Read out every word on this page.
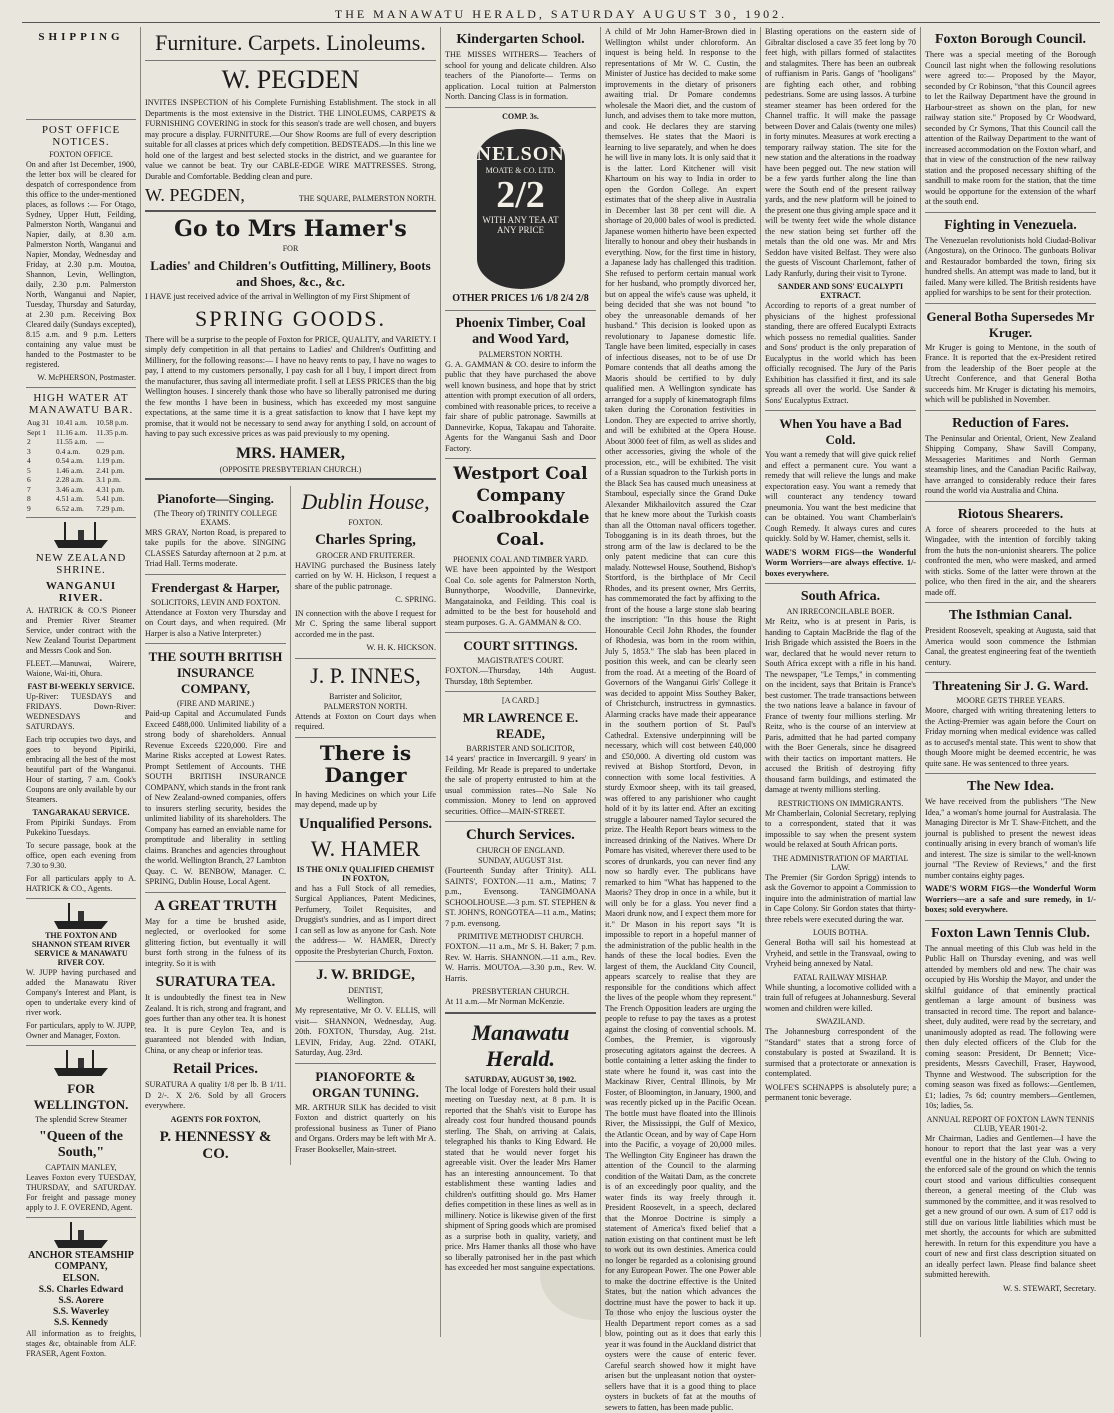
THE MANAWATU HERALD, SATURDAY AUGUST 30, 1902.
SHIPPING
POST OFFICE NOTICES.
FOXTON OFFICE.
On and after 1st December, 1900, the letter box will be cleared for despatch of correspondence from this office to the under-mentioned places, as follows :— For Otago, Sydney, Upper Hutt, Feilding, Palmerston North, Wanganui and Napier, daily, at 8.30 a.m. Palmerston North, Wanganui and Napier, Monday, Wednesday and Friday, at 2.30 p.m. Moutoa, Shannon, Levin, Wellington, daily, 2.30 p.m. Palmerston North, Wanganui and Napier, Tuesday, Thursday and Saturday, at 2.30 p.m. Receiving Box Cleared daily (Sundays excepted), 8.15 a.m. and 9 p.m. Letters containing any value must be handed to the Postmaster to be registered.
W. McPHERSON, Postmaster.
HIGH WATER AT MANAWATU BAR.
Aug 31	10.41 a.m.	10.58 p.m.
Sept 1	11.16 a.m.	11.35 p.m.
2	11.55 a.m.	—
3	0.4 a.m.	0.29 p.m.
4	0.54 a.m.	1.19 p.m.
5	1.46 a.m.	2.41 p.m.
6	2.28 a.m.	3.1 p.m.
7	3.46 a.m.	4.31 p.m.
8	4.51 a.m.	5.41 p.m.
9	6.52 a.m.	7.29 p.m.
NEW ZEALAND SHRINE.
WANGANUI RIVER.
A. HATRICK & CO.'S Pioneer and Premier River Steamer Service, under contract with the New Zealand Tourist Department and Messrs Cook and Son.
FLEET.—Manuwai, Wairere, Waione, Wai-iti, Ohura.
FAST BI-WEEKLY SERVICE.
Up-River: TUESDAYS and FRIDAYS. Down-River: WEDNESDAYS and SATURDAYS.
Each trip occupies two days, and goes to beyond Pipiriki, embracing all the best of the most beautiful part of the Wanganui. Hour of starting, 7 a.m. Cook's Coupons are only available by our Steamers.
TANGARAKAU SERVICE.
From Pipiriki Sundays. From Pukekino Tuesdays.
To secure passage, book at the office, open each evening from 7.30 to 9.30.
For all particulars apply to A. HATRICK & CO., Agents.
THE FOXTON AND SHANNON STEAM RIVER SERVICE & MANAWATU RIVER COY.
W. JUPP having purchased and added the Manawatu River Company's Interest and Plant, is open to undertake every kind of river work.
For particulars, apply to W. JUPP, Owner and Manager, Foxton.
FOR WELLINGTON.
The splendid Screw Steamer
"Queen of the South,"
CAPTAIN MANLEY,
Leaves Foxton every TUESDAY, THURSDAY, and SATURDAY. For freight and passage money apply to J. F. OVEREND, Agent.
ANCHOR STEAMSHIP COMPANY,
ELSON.
S.S. Charles Edward
S.S. Aorere
S.S. Waverley
S.S. Kennedy
All information as to freights, stages &c, obtainable from ALF. FRASER, Agent Foxton.
Furniture. Carpets. Linoleums.
W. PEGDEN
INVITES INSPECTION of his Complete Furnishing Establishment. The stock in all Departments is the most extensive in the District. THE LINOLEUMS, CARPETS & FURNISHING COVERING in stock for this season's trade are well chosen, and buyers may procure a display. FURNITURE.—Our Show Rooms are full of every description suitable for all classes at prices which defy competition. BEDSTEADS.—In this line we hold one of the largest and best selected stocks in the district, and we guarantee for value we cannot be beat. Try our CABLE-EDGE WIRE MATTRESSES. Strong, Durable and Comfortable. Bedding clean and pure.
W. PEGDEN,	THE SQUARE, PALMERSTON NORTH.
Go to Mrs Hamer's
FOR
Ladies' and Children's Outfitting, Millinery, Boots and Shoes, &c., &c.
I HAVE just received advice of the arrival in Wellington of my First Shipment of
SPRING GOODS.
There will be a surprise to the people of Foxton for PRICE, QUALITY, and VARIETY. I simply defy competition in all that pertains to Ladies' and Children's Outfitting and Millinery, for the following reasons:— I have no heavy rents to pay, I have no wages to pay, I attend to my customers personally, I pay cash for all I buy, I import direct from the manufacturer, thus saving all intermediate profit. I sell at LESS PRICES than the big Wellington houses. I sincerely thank those who have so liberally patronised me during the few months I have been in business, which has exceeded my most sanguine expectations, at the same time it is a great satisfaction to know that I have kept my promise, that it would not be necessary to send away for anything I sold, on account of having to pay such excessive prices as was paid previously to my opening.
MRS. HAMER,
(OPPOSITE PRESBYTERIAN CHURCH.)
Pianoforte—Singing.
(The Theory of) TRINITY COLLEGE EXAMS.
MRS GRAY, Norton Road, is prepared to take pupils for the above. SINGING CLASSES Saturday afternoon at 2 p.m. at Triad Hall. Terms moderate.
Frendergast & Harper,
SOLICITORS, LEVIN AND FOXTON.
Attendance at Foxton very Thursday and on Court days, and when required. (Mr Harper is also a Native Interpreter.)
THE SOUTH BRITISH INSURANCE COMPANY,
(FIRE AND MARINE.)
Paid-up Capital and Accumulated Funds Exceed £488,000. Unlimited liability of a strong body of shareholders. Annual Revenue Exceeds £220,000. Fire and Marine Risks accepted at Lowest Rates. Prompt Settlement of Accounts. THE SOUTH BRITISH INSURANCE COMPANY, which stands in the front rank of New Zealand-owned companies, offers to insurers sterling security, besides the unlimited liability of its shareholders. The Company has earned an enviable name for promptitude and liberality in settling claims. Branches and agencies throughout the world. Wellington Branch, 27 Lambton Quay. C. W. BENBOW, Manager. C. SPRING, Dublin House, Local Agent.
A GREAT TRUTH
May for a time be brushed aside, neglected, or overlooked for some glittering fiction, but eventually it will burst forth strong in the fulness of its integrity. So it is with
SURATURA TEA.
It is undoubtedly the finest tea in New Zealand. It is rich, strong and fragrant, and goes further than any other tea. It is honest tea. It is pure Ceylon Tea, and is guaranteed not blended with Indian, China, or any cheap or inferior teas.
Retail Prices.
SURATURA A quality 1/8 per lb. B 1/11. D 2/-. X 2/6. Sold by all Grocers everywhere.
AGENTS FOR FOXTON,
P. HENNESSY & CO.
Dublin House,
FOXTON.
Charles Spring,
GROCER AND FRUITERER.
HAVING purchased the Business lately carried on by W. H. Hickson, I request a share of the public patronage.
C. SPRING.
IN connection with the above I request for Mr C. Spring the same liberal support accorded me in the past.
W. H. K. HICKSON.
J. P. INNES,
Barrister and Solicitor,
PALMERSTON NORTH.
Attends at Foxton on Court days when required.
There is Danger
In having Medicines on which your Life may depend, made up by
Unqualified Persons.
W. HAMER
IS THE ONLY QUALIFIED CHEMIST IN FOXTON,
and has a Full Stock of all remedies, Surgical Appliances, Patent Medicines, Perfumery, Toilet Requisites, and Druggist's sundries, and as I import direct I can sell as low as anyone for Cash. Note the address— W. HAMER, Direct'y opposite the Presbyterian Church, Foxton.
J. W. BRIDGE,
DENTIST,
Wellington.
My representative, Mr O. V. ELLIS, will visit— SHANNON, Wednesday, Aug. 20th. FOXTON, Thursday, Aug. 21st. LEVIN, Friday, Aug. 22nd. OTAKI, Saturday, Aug. 23rd.
PIANOFORTE & ORGAN TUNING.
MR. ARTHUR SILK has decided to visit Foxton and district quarterly on his professional business as Tuner of Piano and Organs. Orders may be left with Mr A. Fraser Bookseller, Main-street.
Kindergarten School.
THE MISSES WITHERS— Teachers of school for young and delicate children. Also teachers of the Pianoforte— Terms on application. Local tuition at Palmerston North. Dancing Class is in formation.
COMP. 3s.
NELSON
MOATE & CO. LTD.
2/2
WITH ANY TEA AT ANY PRICE
OTHER PRICES 1/6 1/8 2/4 2/8
Phoenix Timber, Coal and Wood Yard,
PALMERSTON NORTH.
G. A. GAMMAN & CO. desire to inform the public that they have purchased the above well known business, and hope that by strict attention with prompt execution of all orders, combined with reasonable prices, to receive a fair share of public patronage. Sawmills at Dannevirke, Kopua, Takapau and Tahoraite. Agents for the Wanganui Sash and Door Factory.
Westport Coal Company Coalbrookdale Coal.
PHOENIX COAL AND TIMBER YARD.
WE have been appointed by the Westport Coal Co. sole agents for Palmerston North, Bunnythorpe, Woodville, Dannevirke, Mangatainoka, and Feilding. This coal is admitted to be the best for household and steam purposes. G. A. GAMMAN & CO.
COURT SITTINGS.
MAGISTRATE'S COURT.
FOXTON.—Thursday, 14th August. Thursday, 18th September.
[A CARD.]
MR LAWRENCE E. READE,
BARRISTER AND SOLICITOR,
14 years' practice in Invercargill. 9 years' in Feilding. Mr Reade is prepared to undertake the sale of property entrusted to him at the usual commission rates—No Sale No commission. Money to lend on approved securities. Office—MAIN-STREET.
Church Services.
CHURCH OF ENGLAND.
SUNDAY, AUGUST 31st.
(Fourteenth Sunday after Trinity). ALL SAINTS', FOXTON.—11 a.m., Matins; 7 p.m., Evensong. TANGIMOANA SCHOOLHOUSE.—3 p.m. ST. STEPHEN & ST. JOHN'S, RONGOTEA—11 a.m., Matins; 7 p.m. evensong.
PRIMITIVE METHODIST CHURCH.
FOXTON.—11 a.m., Mr S. H. Baker; 7 p.m. Rev. W. Harris. SHANNON.—11 a.m., Rev. W. Harris. MOUTOA.—3.30 p.m., Rev. W. Harris.
PRESBYTERIAN CHURCH.
At 11 a.m.—Mr Norman McKenzie.
Manawatu Herald.
SATURDAY, AUGUST 30, 1902.
The local lodge of Foresters hold their usual meeting on Tuesday next, at 8 p.m. It is reported that the Shah's visit to Europe has already cost four hundred thousand pounds sterling. The Shah, on arriving at Calais, telegraphed his thanks to King Edward. He stated that he would never forget his agreeable visit. Over the leader Mrs Hamer has an interesting announcement. To that establishment these wanting ladies and children's outfitting should go. Mrs Hamer defies competition in these lines as well as in millinery. Notice is likewise given of the first shipment of Spring goods which are promised as a surprise both in quality, variety, and price. Mrs Hamer thanks all those who have so liberally patronised her in the past which has exceeded her most sanguine expectations.
A child of Mr John Hamer-Brown died in Wellington whilst under chloroform. An inquest is being held. In response to the representations of Mr W. C. Custin, the Minister of Justice has decided to make some improvements in the dietary of prisoners awaiting trial. Dr Pomare condemns wholesale the Maori diet, and the custom of lunch, and advises them to take more mutton, and cook. He declares they are starving themselves. He states that the Maori is learning to live separately, and when he does he will live in many lots. It is only said that it is the latter. Lord Kitchener will visit Khartoum on his way to India in order to open the Gordon College. An expert estimates that of the sheep alive in Australia in December last 38 per cent will die. A shortage of 20,000 bales of wool is predicted. Japanese women hitherto have been expected literally to honour and obey their husbands in everything. Now, for the first time in history, a Japanese lady has challenged this tradition. She refused to perform certain manual work for her husband, who promptly divorced her, but on appeal the wife's cause was upheld, it being decided that she was not bound "to obey the unreasonable demands of her husband." This decision is looked upon as revolutionary to Japanese domestic life. Tangle have been limited, especially in cases of infectious diseases, not to be of use Dr Pomare contends that all deaths among the Maoris should be certified to by duly qualified men. A Wellington syndicate has arranged for a supply of kinematograph films taken during the Coronation festivities in London. They are expected to arrive shortly, and will be exhibited at the Opera House. About 3000 feet of film, as well as slides and other accessories, giving the whole of the procession, etc., will be exhibited. The visit of a Russian squadron to the Turkish ports in the Black Sea has caused much uneasiness at Stamboul, especially since the Grand Duke Alexander Mikhailovitch assured the Czar that he knew more about the Turkish coasts than all the Ottoman naval officers together. Tobogganing is in its death throes, but the strong arm of the law is declared to be the only patent medicine that can cure this malady. Nottewsel House, Southend, Bishop's Stortford, is the birthplace of Mr Cecil Rhodes, and its present owner, Mrs Gerrits, has commemorated the fact by affixing to the front of the house a large stone slab bearing the inscription: "In this house the Right Honourable Cecil John Rhodes, the founder of Rhodesia, was born in the room within, July 5, 1853." The slab has been placed in position this week, and can be clearly seen from the road. At a meeting of the Board of Governors of the Wanganui Girls' College it was decided to appoint Miss Southey Baker, of Christchurch, instructress in gymnastics. Alarming cracks have made their appearance in the southern portion of St. Paul's Cathedral. Extensive underpinning will be necessary, which will cost between £40,000 and £50,000. A diverting old custom was revived at Bishop Stortford, Devon, in connection with some local festivities. A sturdy Exmoor sheep, with its tail greased, was offered to any parishioner who caught hold of it by its latter end. After an exciting struggle a labourer named Taylor secured the prize. The Health Report bears witness to the increased drinking of the Natives. Where Dr Pomare has visited, wherever there used to be scores of drunkards, you can never find any now so hardly ever. The publicans have remarked to him "What has happened to the Maoris? They drop in once in a while, but it will only be for a glass. You never find a Maori drunk now, and I expect them more for it." Dr Mason in his report says "It is impossible to report in a hopeful manner of the administration of the public health in the hands of these the local bodies. Even the largest of them, the Auckland City Council, appears scarcely to realise that they are responsible for the conditions which affect the lives of the people whom they represent." The French Opposition leaders are urging the people to refuse to pay the taxes as a protest against the closing of convential schools. M. Combes, the Premier, is vigorously prosecuting agitators against the decrees. A bottle containing a letter asking the finder to state where he found it, was cast into the Mackinaw River, Central Illinois, by Mr Foster, of Bloomington, in January, 1900, and was recently picked up in the Pacific Ocean. The bottle must have floated into the Illinois River, the Mississippi, the Gulf of Mexico, the Atlantic Ocean, and by way of Cape Horn into the Pacific, a voyage of 20,000 miles. The Wellington City Engineer has drawn the attention of the Council to the alarming condition of the Waitati Dam, as the concrete is of an exceedingly poor quality, and the water finds its way freely through it. President Roosevelt, in a speech, declared that the Monroe Doctrine is simply a statement of America's fixed belief that a nation existing on that continent must be left to work out its own destinies. America could no longer be regarded as a colonising ground for any European Power. The one Power able to make the doctrine effective is the United States, but the nation which advances the doctrine must have the power to back it up. To those who enjoy the luscious oyster the Health Department report comes as a sad blow, pointing out as it does that early this year it was found in the Auckland district that oysters were the cause of enteric fever. Careful search showed how it might have arisen but the unpleasant notion that oyster-sellers have that it is a good thing to place oysters in buckets of fat at the mouths of sewers to fatten, has been made public.
Blasting operations on the eastern side of Gibraltar disclosed a cave 35 feet long by 70 feet high, with pillars formed of stalactites and stalagmites. There has been an outbreak of ruffianism in Paris. Gangs of "hooligans" are fighting each other, and robbing pedestrians. Some are using lassos. A turbine steamer steamer has been ordered for the Channel traffic. It will make the passage between Dover and Calais (twenty one miles) in forty minutes. Measures at work erecting a temporary railway station. The site for the new station and the alterations in the roadway have been pegged out. The new station will be a few yards further along the line than were the South end of the present railway yards, and the new platform will be joined to the present one thus giving ample space and it will be twenty feet wide the whole distance the new station being set further off the metals than the old one was. Mr and Mrs Seddon have visited Belfast. They were also the guests of Viscount Charlemont, father of Lady Ranfurly, during their visit to Tyrone.
SANDER AND SONS' EUCALYPTI EXTRACT.
According to reports of a great number of physicians of the highest professional standing, there are offered Eucalypti Extracts which possess no remedial qualities. Sander and Sons' product is the only preparation of Eucalyptus in the world which has been officially recognised. The Jury of the Paris Exhibition has classified it first, and its sale spreads all over the world. Use Sander & Sons' Eucalyptus Extract.
When You have a Bad Cold.
You want a remedy that will give quick relief and effect a permanent cure. You want a remedy that will relieve the lungs and make expectoration easy. You want a remedy that will counteract any tendency toward pneumonia. You want the best medicine that can be obtained. You want Chamberlain's Cough Remedy. It always cures and cures quickly. Sold by W. Hamer, chemist, sells it.
WADE'S WORM FIGS—the Wonderful Worm Worriers—are always effective. 1/- boxes everywhere.
South Africa.
AN IRRECONCILABLE BOER.
Mr Reitz, who is at present in Paris, is handing to Captain MacBride the flag of the Irish Brigade which assisted the Boers in the war, declared that he would never return to South Africa except with a rifle in his hand. The newspaper, "Le Temps," in commenting on the incident, says that Britain is France's best customer. The trade transactions between the two nations leave a balance in favour of France of twenty four millions sterling. Mr Reitz, who is the course of an interview at Paris, admitted that he had parted company with the Boer Generals, since he disagreed with their tactics on important matters. He accused the British of destroying fifty thousand farm buildings, and estimated the damage at twenty millions sterling.
RESTRICTIONS ON IMMIGRANTS.
Mr Chamberlain, Colonial Secretary, replying to a correspondent, stated that it was impossible to say when the present system would be relaxed at South African ports.
THE ADMINISTRATION OF MARTIAL LAW.
The Premier (Sir Gordon Sprigg) intends to ask the Governor to appoint a Commission to inquire into the administration of martial law in Cape Colony. Sir Gordon states that thirty-three rebels were executed during the war.
LOUIS BOTHA.
General Botha will sail his homestead at Vryheid, and settle in the Transvaal, owing to Vryheid being annexed by Natal.
FATAL RAILWAY MISHAP.
While shunting, a locomotive collided with a train full of refugees at Johannesburg. Several women and children were killed.
SWAZILAND.
The Johannesburg correspondent of the "Standard" states that a strong force of constabulary is posted at Swaziland. It is surmised that a protectorate or annexation is contemplated.
WOLFE'S SCHNAPPS is absolutely pure; a permanent tonic beverage.
Foxton Borough Council.
There was a special meeting of the Borough Council last night when the following resolutions were agreed to:— Proposed by the Mayor, seconded by Cr Robinson, "that this Council agrees to let the Railway Department have the ground in Harbour-street as shown on the plan, for new railway station site." Proposed by Cr Woodward, seconded by Cr Symons, That this Council call the attention of the Railway Department to the want of increased accommodation on the Foxton wharf, and that in view of the construction of the new railway station and the proposed necessary shifting of the sandhill to make room for the station, that the time would be opportune for the extension of the wharf at the south end.
Fighting in Venezuela.
The Venezuelan revolutionists hold Ciudad-Bolivar (Angostura), on the Orinoco. The gunboats Bolivar and Restaurador bombarded the town, firing six hundred shells. An attempt was made to land, but it failed. Many were killed. The British residents have applied for warships to be sent for their protection.
General Botha Supersedes Mr Kruger.
Mr Kruger is going to Mentone, in the south of France. It is reported that the ex-President retired from the leadership of the Boer people at the Utrecht Conference, and that General Botha succeeds him. Mr Kruger is dictating his memoirs, which will be published in November.
Reduction of Fares.
The Peninsular and Oriental, Orient, New Zealand Shipping Company, Shaw Savill Company, Messageries Maritimes and North German steamship lines, and the Canadian Pacific Railway, have arranged to considerably reduce their fares round the world via Australia and China.
Riotous Shearers.
A force of shearers proceeded to the huts at Wingadee, with the intention of forcibly taking from the huts the non-unionist shearers. The police confronted the men, who were masked, and armed with sticks. Some of the latter were thrown at the police, who then fired in the air, and the shearers made off.
The Isthmian Canal.
President Roosevelt, speaking at Augusta, said that America would soon commence the Isthmian Canal, the greatest engineering feat of the twentieth century.
Threatening Sir J. G. Ward.
MOORE GETS THREE YEARS.
Moore, charged with writing threatening letters to the Acting-Premier was again before the Court on Friday morning when medical evidence was called as to accused's mental state. This went to show that though Moore might be deemed eccentric, he was quite sane. He was sentenced to three years.
The New Idea.
We have received from the publishers "The New Idea," a woman's home journal for Australasia. The Managing Director is Mr T. Shaw-Fitchett, and the journal is published to present the newest ideas continually arising in every branch of woman's life and interest. The size is similar to the well-known journal "The Review of Reviews," and the first number contains eighty pages.
WADE'S WORM FIGS—the Wonderful Worm Worriers—are a safe and sure remedy, in 1/- boxes; sold everywhere.
Foxton Lawn Tennis Club.
The annual meeting of this Club was held in the Public Hall on Thursday evening, and was well attended by members old and new. The chair was occupied by His Worship the Mayor, and under the skilful guidance of that eminently practical gentleman a large amount of business was transacted in record time. The report and balance-sheet, duly audited, were read by the secretary, and unanimously adopted as read. The following were then duly elected officers of the Club for the coming season: President, Dr Bennett; Vice-presidents, Messrs Cavechill, Fraser, Haywood, Thynne and Westwood. The subscription for the coming season was fixed as follows:—Gentlemen, £1; ladies, 7s 6d; country members—Gentlemen, 10s; ladies, 5s.
ANNUAL REPORT OF FOXTON LAWN TENNIS CLUB, YEAR 1901-2.
Mr Chairman, Ladies and Gentlemen—I have the honour to report that the last year was a very eventful one in the history of the Club. Owing to the enforced sale of the ground on which the tennis court stood and various difficulties consequent thereon, a general meeting of the Club was summoned by the committee, and it was resolved to get a new ground of our own. A sum of £17 odd is still due on various little liabilities which must be met shortly, the accounts for which are submitted herewith. In return for this expenditure you have a court of new and first class description situated on an ideally perfect lawn. Please find balance sheet submitted herewith.
W. S. STEWART, Secretary.
